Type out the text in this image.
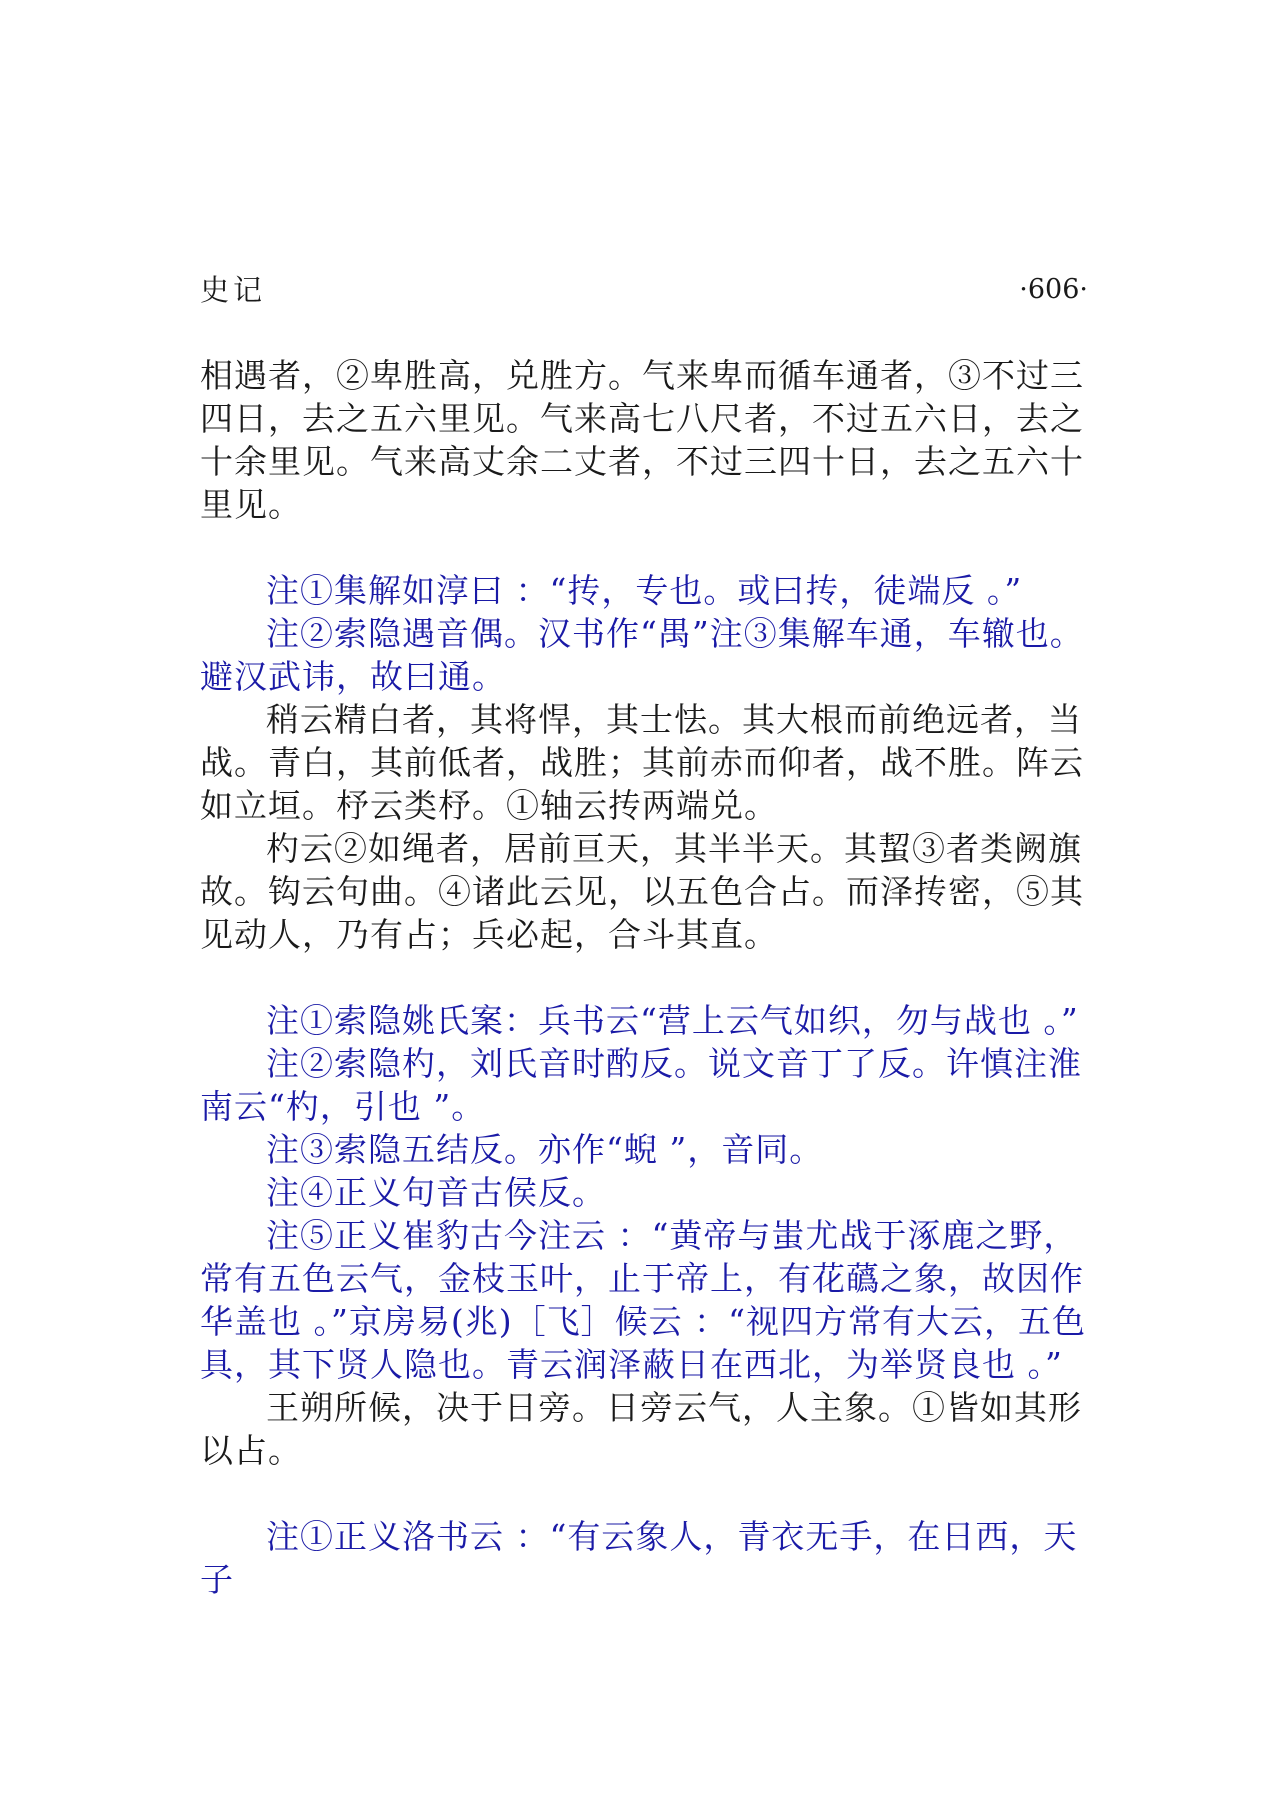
史记	·606·

相遇者，②卑胜高，兑胜方。气来卑而循车通者，③不过三四日，去之五六里见。气来高七八尺者，不过五六日，去之十余里见。气来高丈余二丈者，不过三四十日，去之五六十里见。

注①集解如淳曰 ：“抟，专也。或曰抟，徒端反 。”

注②索隐遇音偶。汉书作“禺”注③集解车通，车辙也。避汉武讳，故曰通。

稍云精白者，其将悍，其士怯。其大根而前绝远者，当战。青白，其前低者，战胜；其前赤而仰者，战不胜。阵云如立垣。杼云类杼。①轴云抟两端兑。

杓云②如绳者，居前亘天，其半半天。其蛪③者类阙旗故。钩云句曲。④诸此云见，以五色合占。而泽抟密，⑤其见动人，乃有占；兵必起，合斗其直。

注①索隐姚氏案：兵书云“营上云气如织，勿与战也 。”

注②索隐杓，刘氏音时酌反。说文音丁了反。许慎注淮南云“杓，引也 ”。

注③索隐五结反。亦作“蜺 ”，音同。

注④正义句音古侯反。

注⑤正义崔豹古今注云 ：“黄帝与蚩尤战于涿鹿之野，常有五色云气，金枝玉叶，止于帝上，有花蘤之象，故因作华盖也 。”京房易(兆)［飞］候云 ：“视四方常有大云，五色具，其下贤人隐也。青云润泽蔽日在西北，为举贤良也 。”

王朔所候，决于日旁。日旁云气，人主象。①皆如其形以占。

注①正义洛书云 ：“有云象人，青衣无手，在日西，天子
